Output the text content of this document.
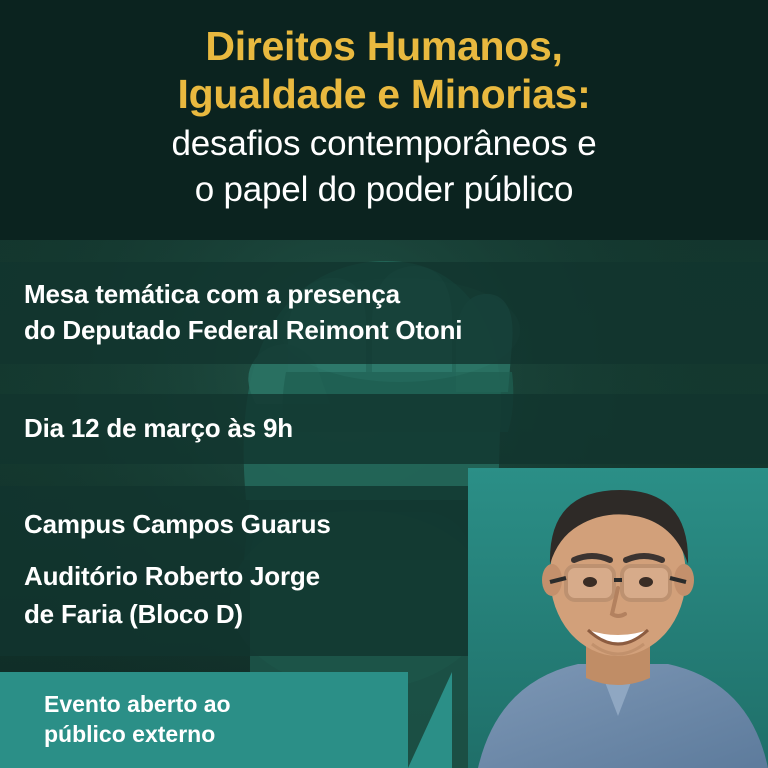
Direitos Humanos,
Igualdade e Minorias:
desafios contemporâneos e
o papel do poder público
Mesa temática com a presença
do Deputado Federal Reimont Otoni
Dia 12 de março às 9h
Campus Campos Guarus
Auditório Roberto Jorge
de Faria (Bloco D)
Evento aberto ao
público externo
